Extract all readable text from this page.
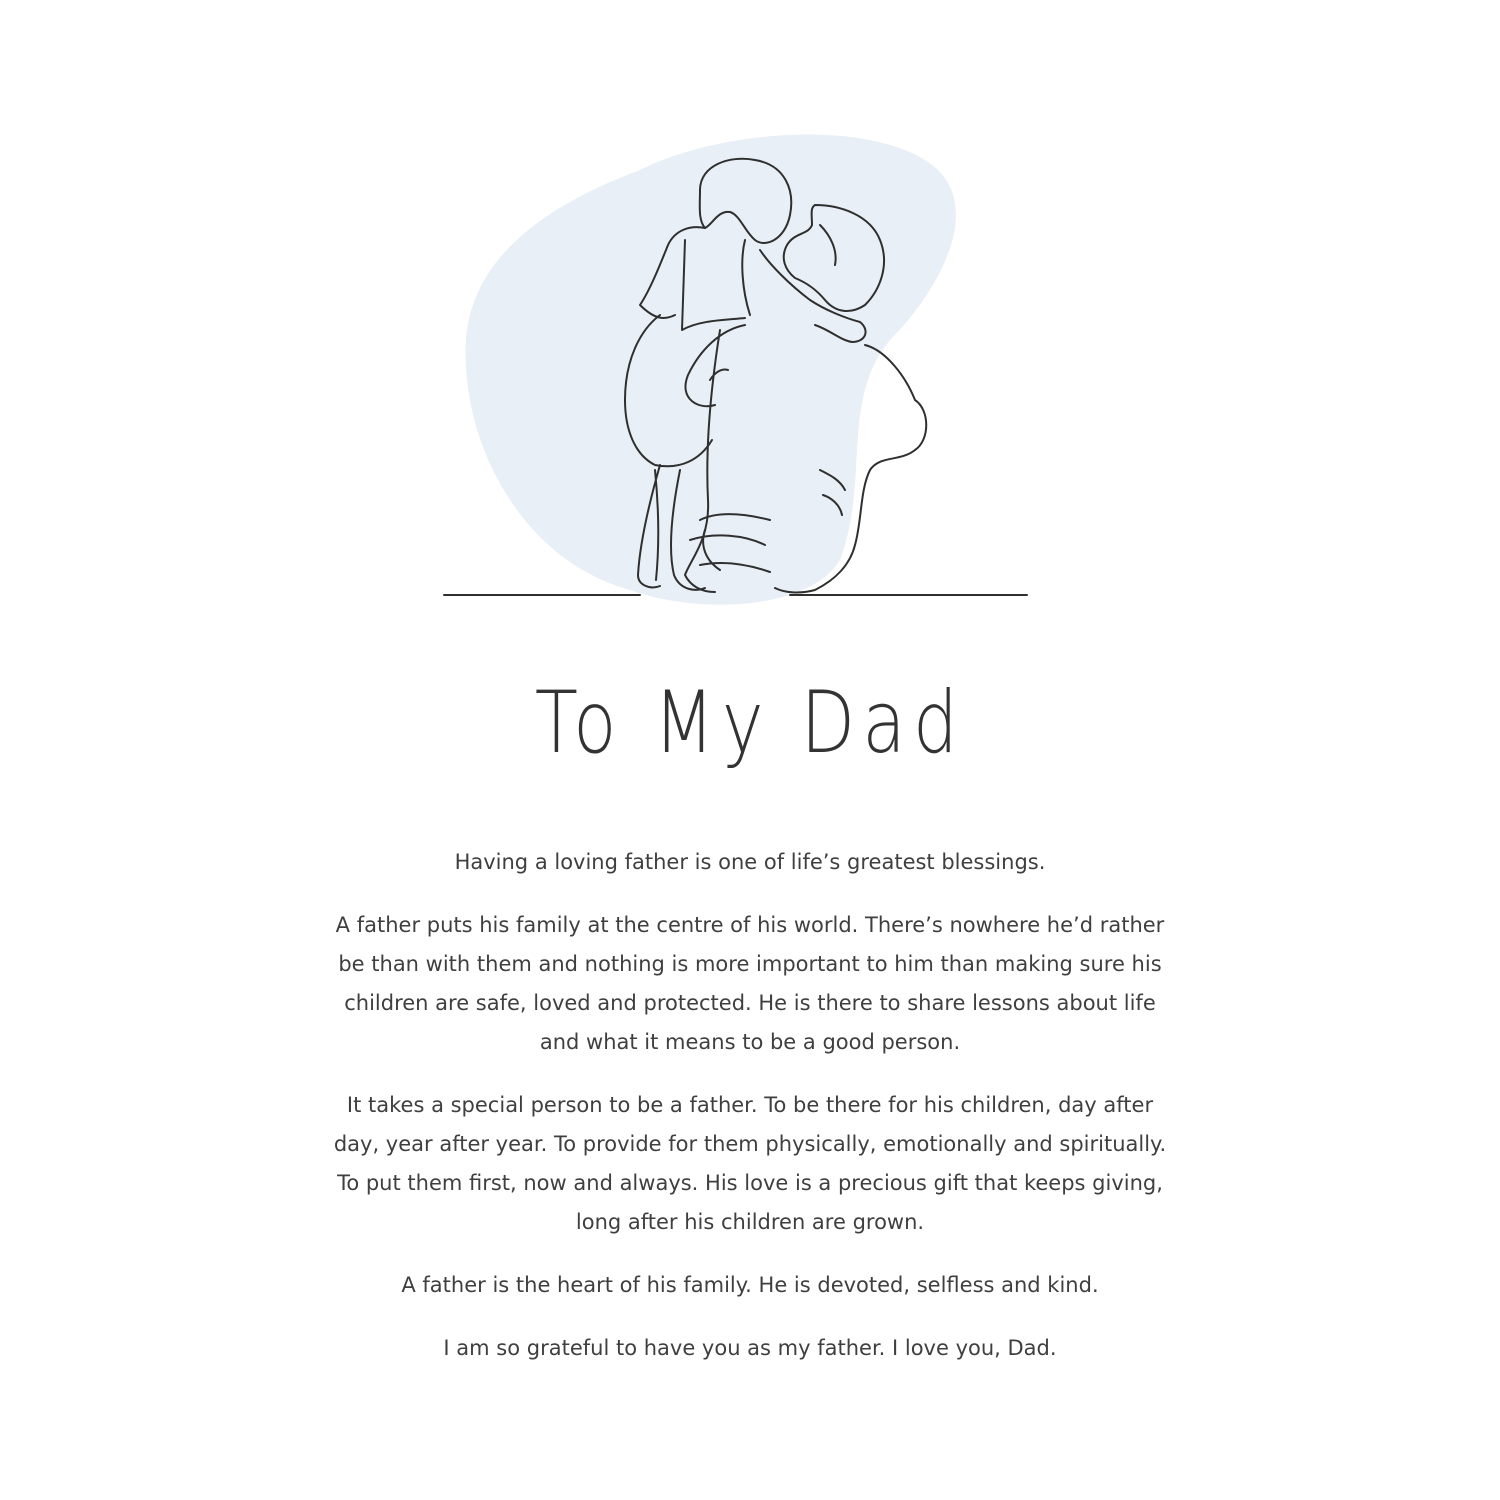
To My Dad

Having a loving father is one of life’s greatest blessings.

A father puts his family at the centre of his world. There’s nowhere he’d rather be than with them and nothing is more important to him than making sure his children are safe, loved and protected. He is there to share lessons about life and what it means to be a good person.

It takes a special person to be a father. To be there for his children, day after day, year after year. To provide for them physically, emotionally and spiritually. To put them first, now and always. His love is a precious gift that keeps giving, long after his children are grown.

A father is the heart of his family. He is devoted, selfless and kind.

I am so grateful to have you as my father. I love you, Dad.
